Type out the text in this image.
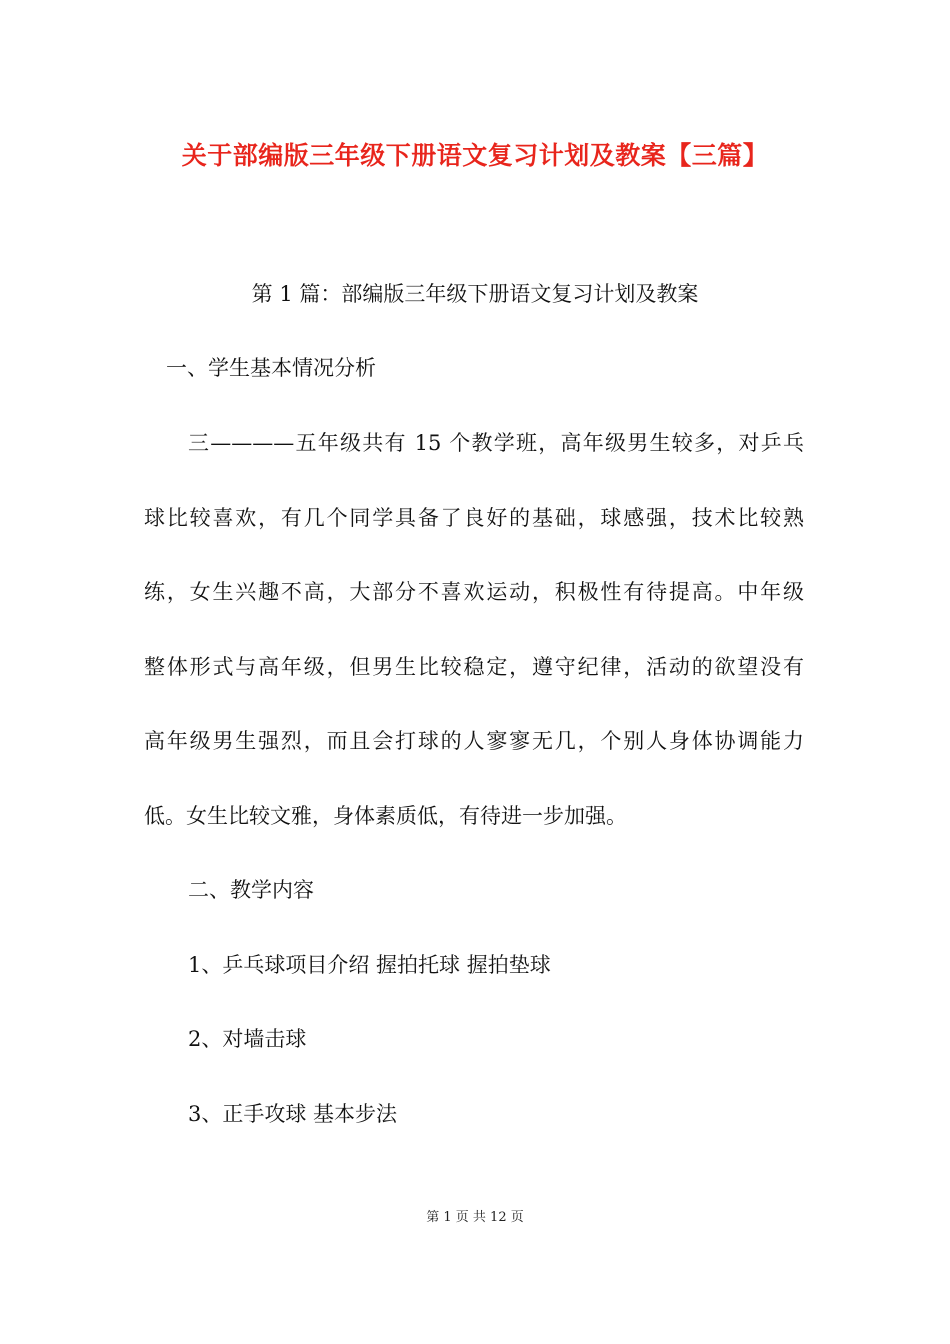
关于部编版三年级下册语文复习计划及教案【三篇】
第 1 篇：部编版三年级下册语文复习计划及教案
一、学生基本情况分析
三————五年级共有 15 个教学班，高年级男生较多，对乒乓
球比较喜欢，有几个同学具备了良好的基础，球感强，技术比较熟
练，女生兴趣不高，大部分不喜欢运动，积极性有待提高。中年级
整体形式与高年级，但男生比较稳定，遵守纪律，活动的欲望没有
高年级男生强烈，而且会打球的人寥寥无几，个别人身体协调能力
低。女生比较文雅，身体素质低，有待进一步加强。
二、教学内容
1、乒乓球项目介绍 握拍托球 握拍垫球
2、对墙击球
3、正手攻球 基本步法
第 1 页 共 12 页
